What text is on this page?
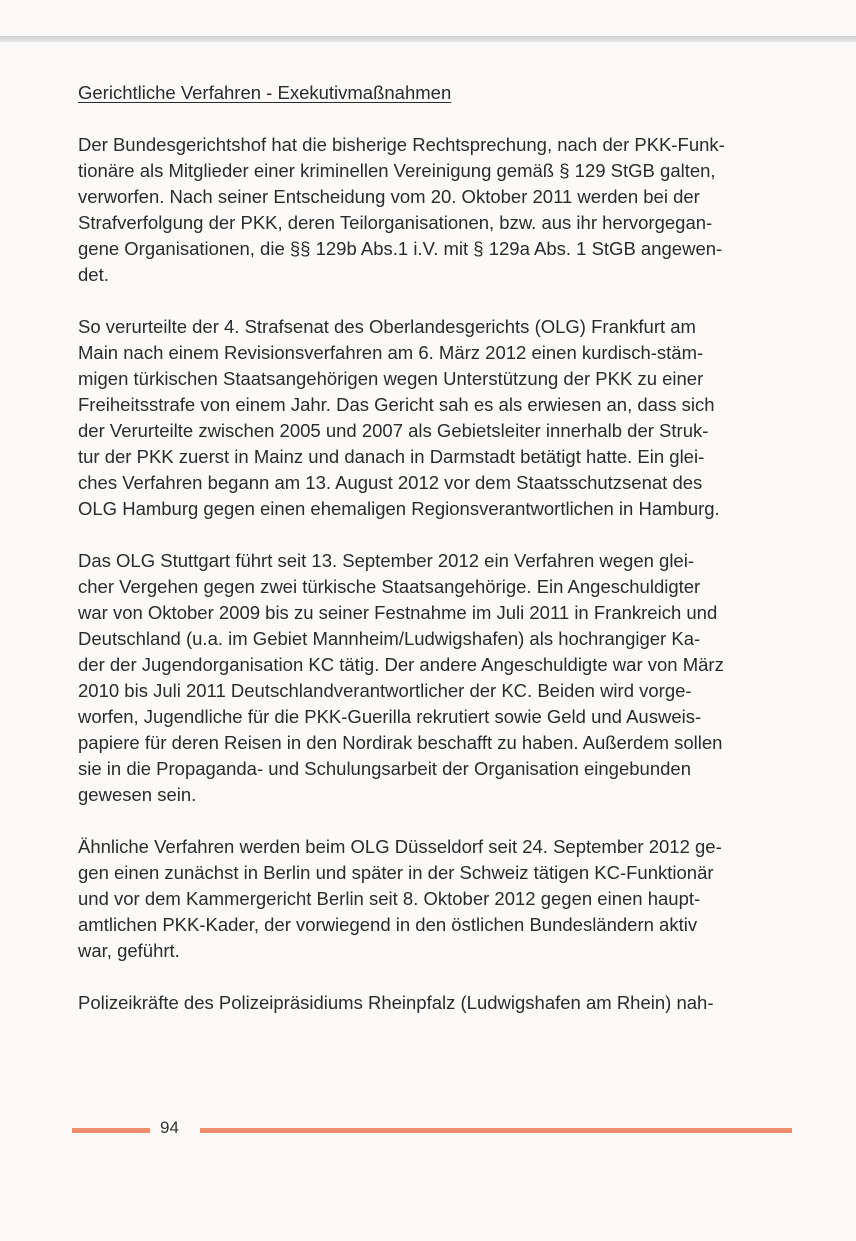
Gerichtliche Verfahren - Exekutivmaßnahmen

Der Bundesgerichtshof hat die bisherige Rechtsprechung, nach der PKK-Funk-
tionäre als Mitglieder einer kriminellen Vereinigung gemäß § 129 StGB galten,
verworfen. Nach seiner Entscheidung vom 20. Oktober 2011 werden bei der
Strafverfolgung der PKK, deren Teilorganisationen, bzw. aus ihr hervorgegan-
gene Organisationen, die §§ 129b Abs.1 i.V. mit § 129a Abs. 1 StGB angewen-
det.

So verurteilte der 4. Strafsenat des Oberlandesgerichts (OLG) Frankfurt am
Main nach einem Revisionsverfahren am 6. März 2012 einen kurdisch-stäm-
migen türkischen Staatsangehörigen wegen Unterstützung der PKK zu einer
Freiheitsstrafe von einem Jahr. Das Gericht sah es als erwiesen an, dass sich
der Verurteilte zwischen 2005 und 2007 als Gebietsleiter innerhalb der Struk-
tur der PKK zuerst in Mainz und danach in Darmstadt betätigt hatte. Ein glei-
ches Verfahren begann am 13. August 2012 vor dem Staatsschutzsenat des
OLG Hamburg gegen einen ehemaligen Regionsverantwortlichen in Hamburg.

Das OLG Stuttgart führt seit 13. September 2012 ein Verfahren wegen glei-
cher Vergehen gegen zwei türkische Staatsangehörige. Ein Angeschuldigter
war von Oktober 2009 bis zu seiner Festnahme im Juli 2011 in Frankreich und
Deutschland (u.a. im Gebiet Mannheim/Ludwigshafen) als hochrangiger Ka-
der der Jugendorganisation KC tätig. Der andere Angeschuldigte war von März
2010 bis Juli 2011 Deutschlandverantwortlicher der KC. Beiden wird vorge-
worfen, Jugendliche für die PKK-Guerilla rekrutiert sowie Geld und Ausweis-
papiere für deren Reisen in den Nordirak beschafft zu haben. Außerdem sollen
sie in die Propaganda- und Schulungsarbeit der Organisation eingebunden
gewesen sein.

Ähnliche Verfahren werden beim OLG Düsseldorf seit 24. September 2012 ge-
gen einen zunächst in Berlin und später in der Schweiz tätigen KC-Funktionär
und vor dem Kammergericht Berlin seit 8. Oktober 2012 gegen einen haupt-
amtlichen PKK-Kader, der vorwiegend in den östlichen Bundesländern aktiv
war, geführt.

Polizeikräfte des Polizeipräsidiums Rheinpfalz (Ludwigshafen am Rhein) nah-

94
